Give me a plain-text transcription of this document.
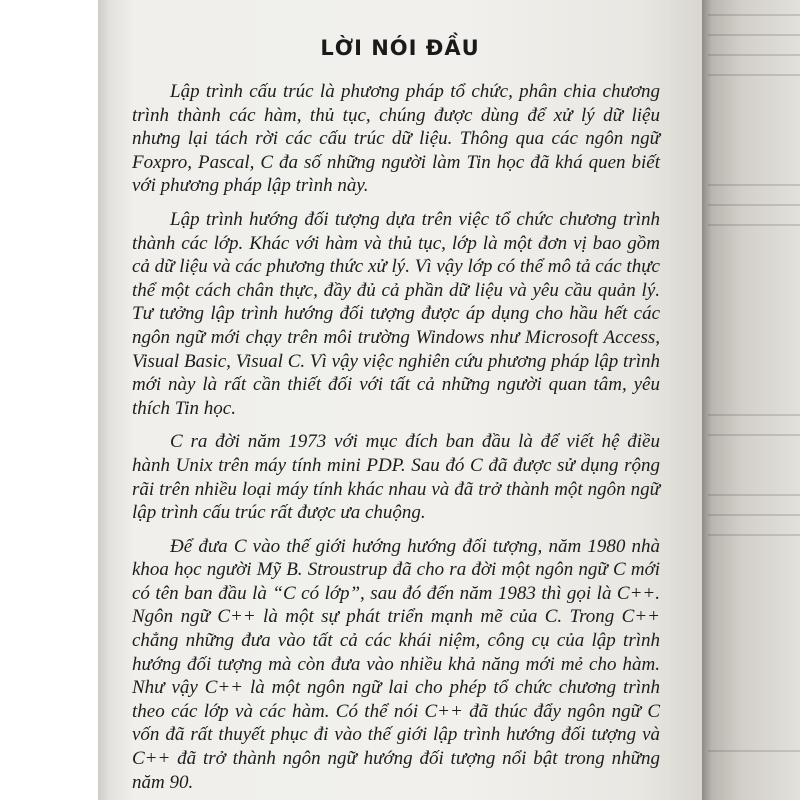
LỜI NÓI ĐẦU

Lập trình cấu trúc là phương pháp tổ chức, phân chia chương trình thành các hàm, thủ tục, chúng được dùng để xử lý dữ liệu nhưng lại tách rời các cấu trúc dữ liệu. Thông qua các ngôn ngữ Foxpro, Pascal, C đa số những người làm Tin học đã khá quen biết với phương pháp lập trình này.

Lập trình hướng đối tượng dựa trên việc tổ chức chương trình thành các lớp. Khác với hàm và thủ tục, lớp là một đơn vị bao gồm cả dữ liệu và các phương thức xử lý. Vì vậy lớp có thể mô tả các thực thể một cách chân thực, đầy đủ cả phần dữ liệu và yêu cầu quản lý. Tư tưởng lập trình hướng đối tượng được áp dụng cho hầu hết các ngôn ngữ mới chạy trên môi trường Windows như Microsoft Access, Visual Basic, Visual C. Vì vậy việc nghiên cứu phương pháp lập trình mới này là rất cần thiết đối với tất cả những người quan tâm, yêu thích Tin học.

C ra đời năm 1973 với mục đích ban đầu là để viết hệ điều hành Unix trên máy tính mini PDP. Sau đó C đã được sử dụng rộng rãi trên nhiều loại máy tính khác nhau và đã trở thành một ngôn ngữ lập trình cấu trúc rất được ưa chuộng.

Để đưa C vào thế giới hướng hướng đối tượng, năm 1980 nhà khoa học người Mỹ B. Stroustrup đã cho ra đời một ngôn ngữ C mới có tên ban đầu là “C có lớp”, sau đó đến năm 1983 thì gọi là C++. Ngôn ngữ C++ là một sự phát triển mạnh mẽ của C. Trong C++ chẳng những đưa vào tất cả các khái niệm, công cụ của lập trình hướng đối tượng mà còn đưa vào nhiều khả năng mới mẻ cho hàm. Như vậy C++ là một ngôn ngữ lai cho phép tổ chức chương trình theo các lớp và các hàm. Có thể nói C++ đã thúc đẩy ngôn ngữ C vốn đã rất thuyết phục đi vào thế giới lập trình hướng đối tượng và C++ đã trở thành ngôn ngữ hướng đối tượng nổi bật trong những năm 90.
